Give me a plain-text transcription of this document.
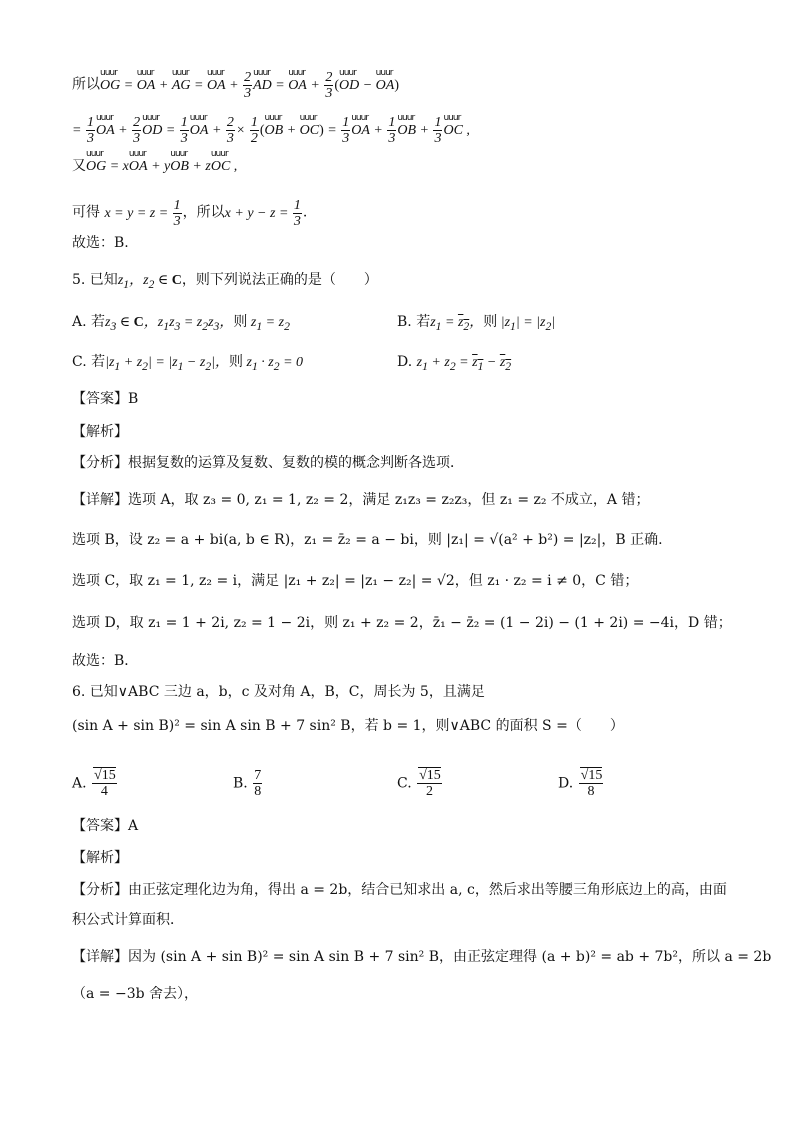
所以uuur OG = uuur OA + uuur AG = uuur OA + $\frac{2}{3}$ uuur AD = uuur OA + $\frac{2}{3}$ (uuur OD − uuur OA)
= $\frac{1}{3}$ uuur OA + $\frac{2}{3}$ uuur OD = $\frac{1}{3}$ uuur OA + $\frac{2}{3} \times \frac{1}{2}$ (uuur OB + uuur $OC) = \frac{1}{3}$ uuur OA + $\frac{1}{3}$ uuur OB + $\frac{1}{3}$ uuur OC ,
又uuur OG = xuuur OA + yuuur OB + zuuur OC ,
可得 $x = y = z = \frac{1}{3}$ ，所以$x + y - z = \frac{1}{3}$ .
故选：B.
5. 已知$z_1$，$z_2$ ∈ C，则下列说法正确的是（　　）
A. 若$z_3$ ∈ C，$z_1z_3 = z_2z_3$，则 $z_1 = z_2$	B. 若$z_1 = z_2$，则 $|z_1| = |z_2|$
C. 若$|z_1 + z_2| = |z_1 - z_2|$，则 $z_1 \cdot z_2 = 0$	D. $z_1 + z_2 = z_1 - z_2$
【答案】B
【解析】
【分析】根据复数的运算及复数、复数的模的概念判断各选项．
【详解】选项 A，取 z₃ = 0, z₁ = 1, z₂ = 2，满足 z₁z₃ = z₂z₃，但 z₁ = z₂ 不成立，A 错；
选项 B，设 z₂ = a + bi(a, b ∈ R)，z₁ = z̄₂ = a − bi，则 |z₁| = √(a² + b²) = |z₂|，B 正确.
选项 C，取 z₁ = 1, z₂ = i，满足 |z₁ + z₂| = |z₁ − z₂| = √2，但 z₁ · z₂ = i ≠ 0，C 错；
选项 D，取 z₁ = 1 + 2i, z₂ = 1 − 2i，则 z₁ + z₂ = 2，z̄₁ − z̄₂ = (1 − 2i) − (1 + 2i) = −4i，D 错；
故选：B．
6. 已知∨ABC 三边 a，b，c 及对角 A，B，C，周长为 5，且满足
(sin A + sin B)² = sin A sin B + 7 sin² B，若 b = 1，则∨ABC 的面积 S =（　　）
A. $\frac{√15}{4}$	B. $\frac{7}{8}$	C. $\frac{√15}{2}$	D. $\frac{√15}{8}$
【答案】A
【解析】
【分析】由正弦定理化边为角，得出 a = 2b，结合已知求出 a, c，然后求出等腰三角形底边上的高，由面
积公式计算面积．
【详解】因为 (sin A + sin B)² = sin A sin B + 7 sin² B，由正弦定理得 (a + b)² = ab + 7b²，所以 a = 2b
（a = −3b 舍去），
